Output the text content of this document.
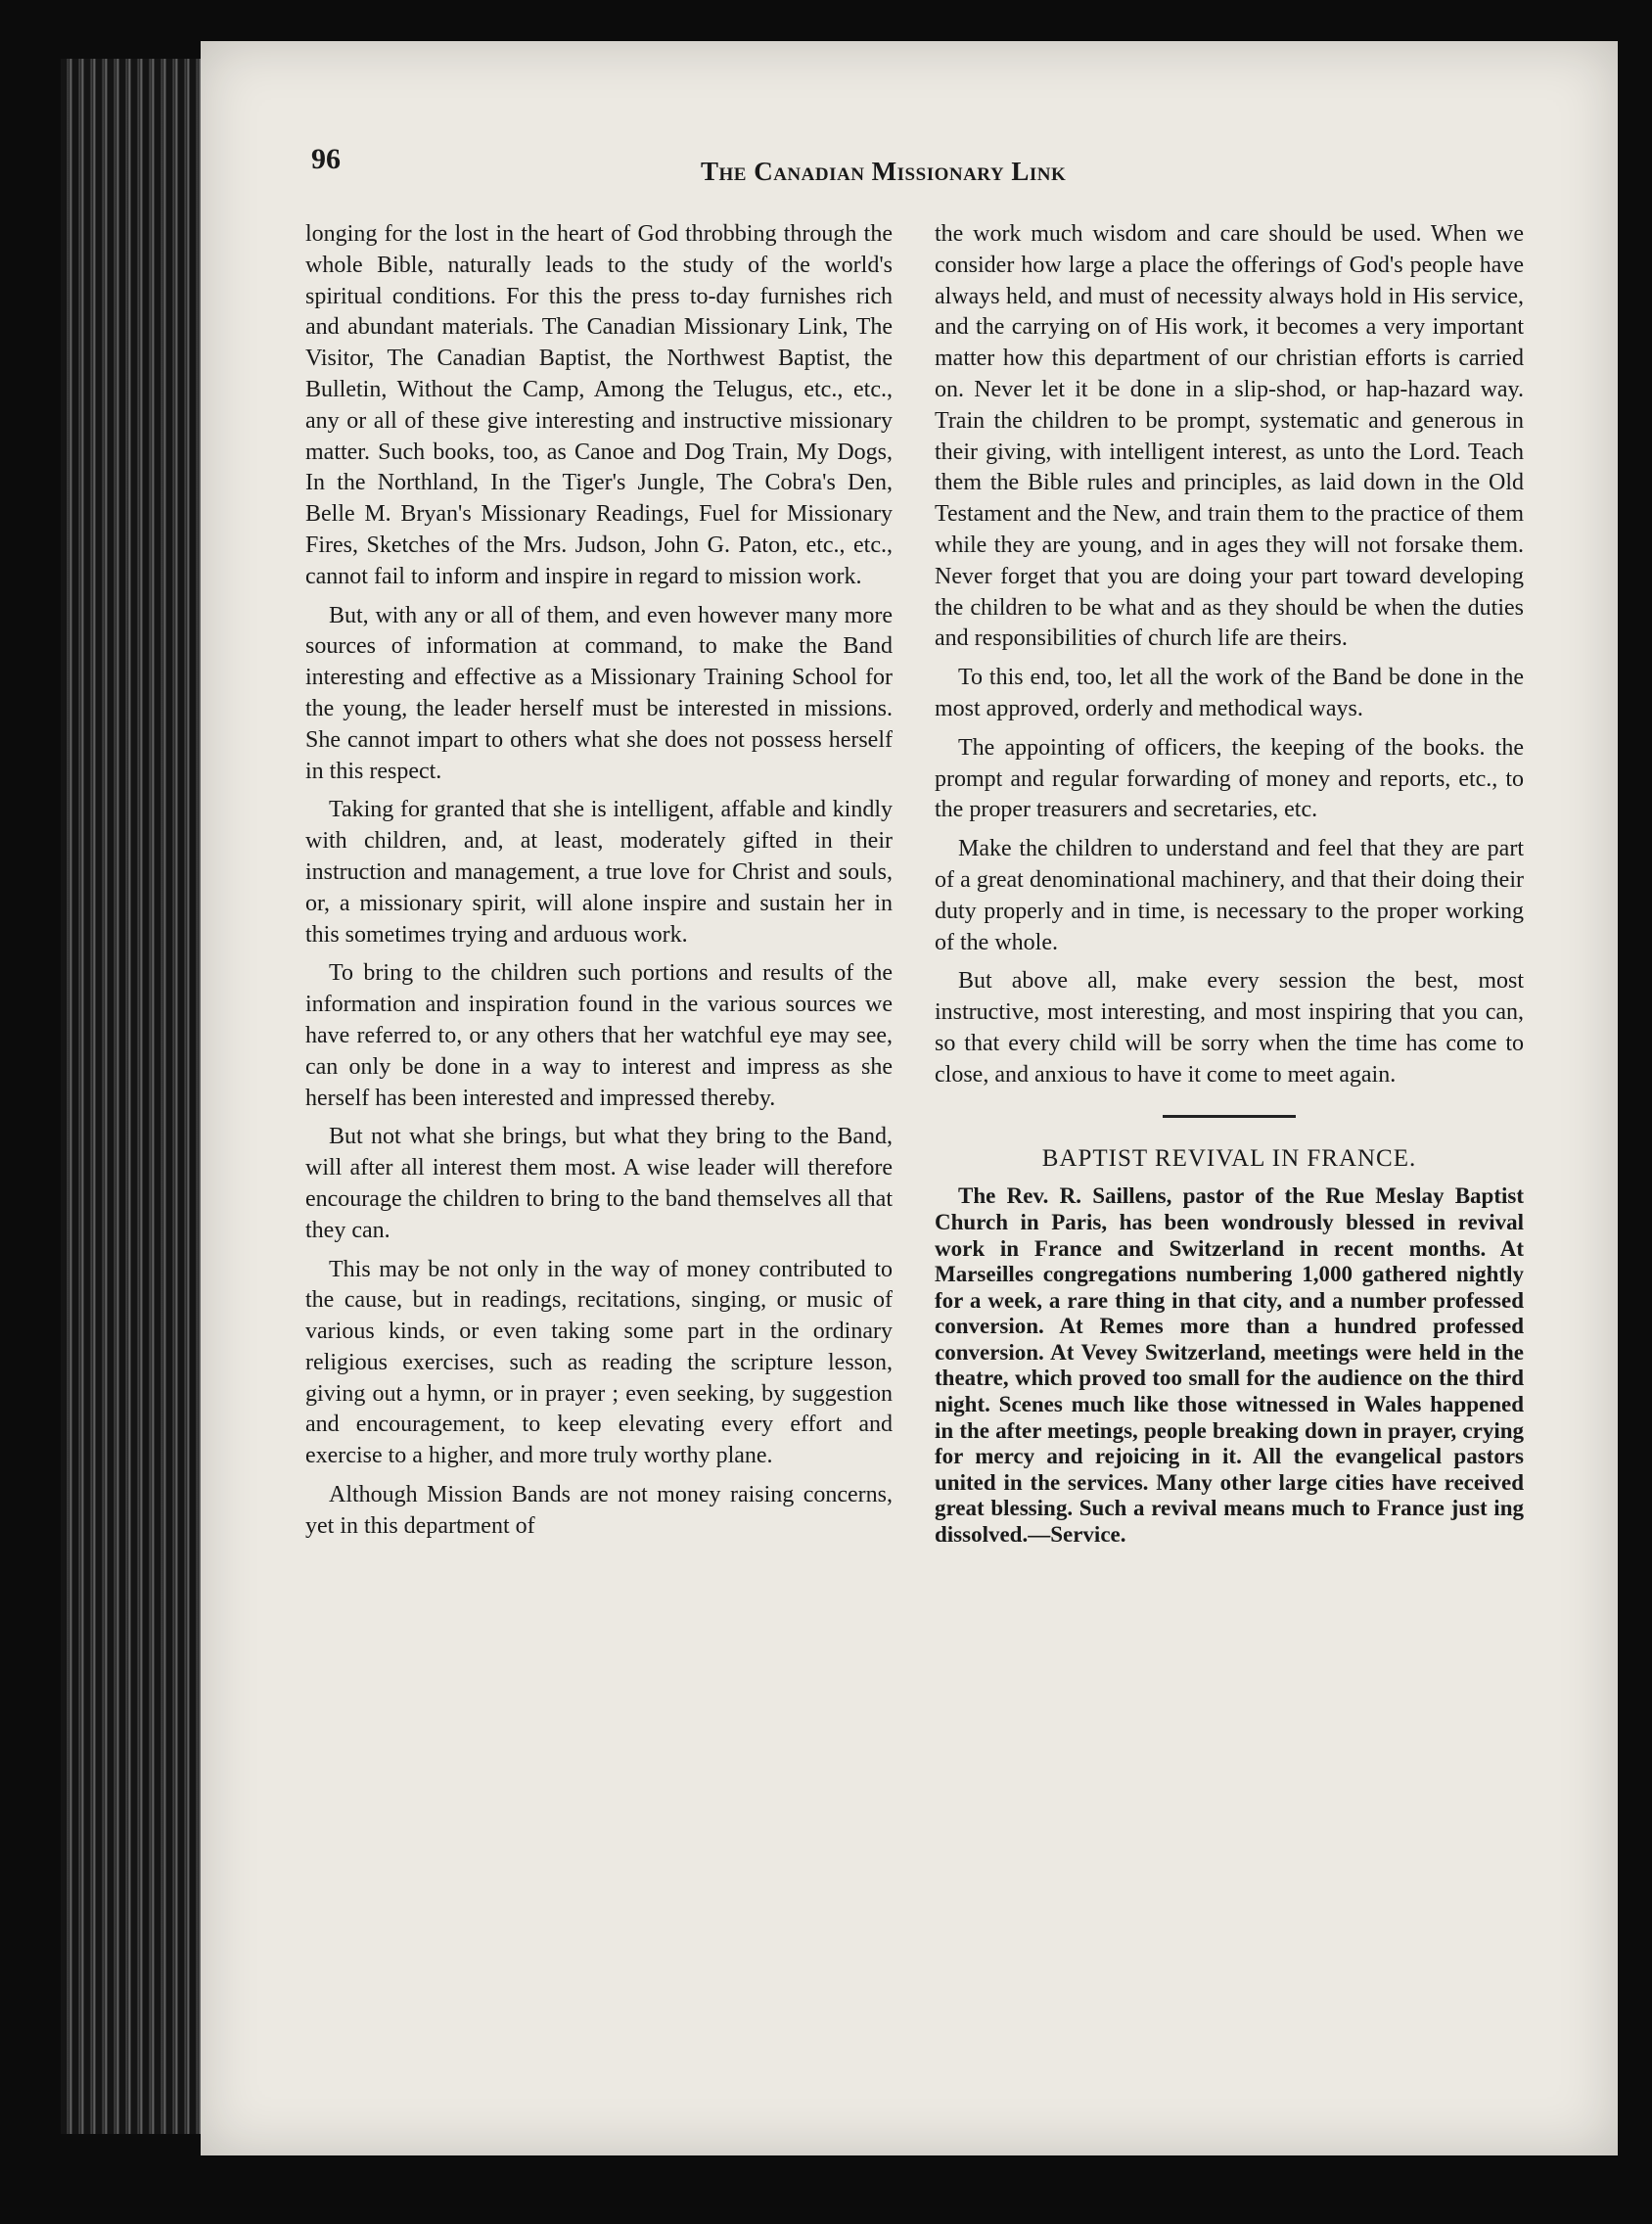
96	The Canadian Missionary Link

longing for the lost in the heart of God throbbing through the whole Bible, naturally leads to the study of the world's spiritual conditions. For this the press to-day furnishes rich and abundant materials. The Canadian Missionary Link, The Visitor, The Canadian Baptist, the Northwest Baptist, the Bulletin, Without the Camp, Among the Telugus, etc., etc., any or all of these give interesting and instructive missionary matter. Such books, too, as Canoe and Dog Train, My Dogs, In the Northland, In the Tiger's Jungle, The Cobra's Den, Belle M. Bryan's Missionary Readings, Fuel for Missionary Fires, Sketches of the Mrs. Judson, John G. Paton, etc., etc., cannot fail to inform and inspire in regard to mission work.

But, with any or all of them, and even however many more sources of information at command, to make the Band interesting and effective as a Missionary Training School for the young, the leader herself must be interested in missions. She cannot impart to others what she does not possess herself in this respect.

Taking for granted that she is intelligent, affable and kindly with children, and, at least, moderately gifted in their instruction and management, a true love for Christ and souls, or, a missionary spirit, will alone inspire and sustain her in this sometimes trying and arduous work.

To bring to the children such portions and results of the information and inspiration found in the various sources we have referred to, or any others that her watchful eye may see, can only be done in a way to interest and impress as she herself has been interested and impressed thereby.

But not what she brings, but what they bring to the Band, will after all interest them most. A wise leader will therefore encourage the children to bring to the band themselves all that they can.

This may be not only in the way of money contributed to the cause, but in readings, recitations, singing, or music of various kinds, or even taking some part in the ordinary religious exercises, such as reading the scripture lesson, giving out a hymn, or in prayer ; even seeking, by suggestion and encouragement, to keep elevating every effort and exercise to a higher, and more truly worthy plane.

Although Mission Bands are not money raising concerns, yet in this department of

the work much wisdom and care should be used. When we consider how large a place the offerings of God's people have always held, and must of necessity always hold in His service, and the carrying on of His work, it becomes a very important matter how this department of our christian efforts is carried on. Never let it be done in a slip-shod, or hap-hazard way. Train the children to be prompt, systematic and generous in their giving, with intelligent interest, as unto the Lord. Teach them the Bible rules and principles, as laid down in the Old Testament and the New, and train them to the practice of them while they are young, and in ages they will not forsake them. Never forget that you are doing your part toward developing the children to be what and as they should be when the duties and responsibilities of church life are theirs.

To this end, too, let all the work of the Band be done in the most approved, orderly and methodical ways.

The appointing of officers, the keeping of the books. the prompt and regular forwarding of money and reports, etc., to the proper treasurers and secretaries, etc.

Make the children to understand and feel that they are part of a great denominational machinery, and that their doing their duty properly and in time, is necessary to the proper working of the whole.

But above all, make every session the best, most instructive, most interesting, and most inspiring that you can, so that every child will be sorry when the time has come to close, and anxious to have it come to meet again.

BAPTIST REVIVAL IN FRANCE.

The Rev. R. Saillens, pastor of the Rue Meslay Baptist Church in Paris, has been wondrously blessed in revival work in France and Switzerland in recent months. At Marseilles congregations numbering 1,000 gathered nightly for a week, a rare thing in that city, and a number professed conversion. At Remes more than a hundred professed conversion. At Vevey Switzerland, meetings were held in the theatre, which proved too small for the audience on the third night. Scenes much like those witnessed in Wales happened in the after meetings, people breaking down in prayer, crying for mercy and rejoicing in it. All the evangelical pastors united in the services. Many other large cities have received great blessing. Such a revival means much to France just ing dissolved.—Service.
